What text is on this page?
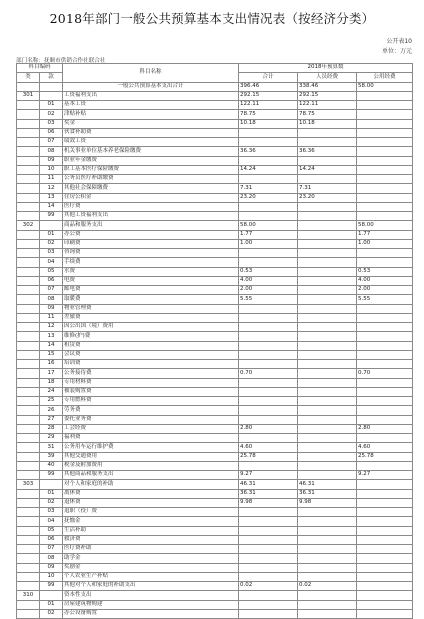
2018年部门一般公共预算基本支出情况表（按经济分类）
公开表10
单位：万元
部门名称：抚顺市供销合作社联合社
科目编码		科目名称	2018年预算数		
类	款		合计	人员经费	公用经费

		一般公共预算基本支出合计	396.46	338.46	58.00
301		工资福利支出	292.15	292.15	
	01	基本工资	122.11	122.11	
	02	津贴补贴	78.75	78.75	
	03	奖金	10.18	10.18	
	06	伙食补助费			
	07	绩效工资			
	08	机关事业单位基本养老保险缴费	36.36	36.36	
	09	职业年金缴费			
	10	职工基本医疗保险缴费	14.24	14.24	
	11	公务员医疗补助缴费			
	12	其他社会保障缴费	7.31	7.31	
	13	住房公积金	23.20	23.20	
	14	医疗费			
	99	其他工资福利支出			
302		商品和服务支出	58.00		58.00
	01	办公费	1.77		1.77
	02	印刷费	1.00		1.00
	03	咨询费			
	04	手续费			
	05	水费	0.53		0.53
	06	电费	4.00		4.00
	07	邮电费	2.00		2.00
	08	取暖费	5.55		5.55
	09	物业管理费			
	11	差旅费			
	12	因公出国（境）费用			
	13	维修(护)费			
	14	租赁费			
	15	会议费			
	16	培训费			
	17	公务接待费	0.70		0.70
	18	专用材料费			
	24	被装购置费			
	25	专用燃料费			
	26	劳务费			
	27	委托业务费			
	28	工会经费	2.80		2.80
	29	福利费			
	31	公务用车运行维护费	4.60		4.60
	39	其他交通费用	25.78		25.78
	40	税金及附加费用			
	99	其他商品和服务支出	9.27		9.27
303		对个人和家庭的补助	46.31	46.31	
	01	离休费	36.31	36.31	
	02	退休费	9.98	9.98	
	03	退职（役）费			
	04	抚恤金			
	05	生活补助			
	06	救济费			
	07	医疗费补助			
	08	助学金			
	09	奖励金			
	10	个人农业生产补贴			
	99	其他对个人和家庭的补助支出	0.02	0.02	
310		资本性支出			
	01	房屋建筑物购建			
	02	办公设备购置			
